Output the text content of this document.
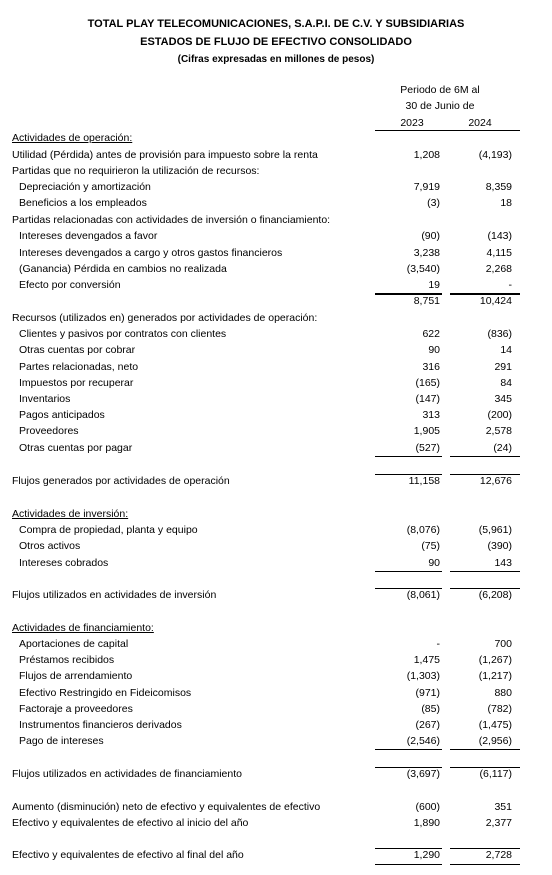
TOTAL PLAY TELECOMUNICACIONES, S.A.P.I. DE C.V. Y SUBSIDIARIAS
ESTADOS DE FLUJO DE EFECTIVO CONSOLIDADO
(Cifras expresadas en millones de pesos)
Periodo de 6M al
30 de Junio de
2023	2024
Actividades de operación:
Utilidad (Pérdida) antes de provisión para impuesto sobre la renta	1,208	(4,193)
Partidas que no requirieron la utilización de recursos:
Depreciación y amortización	7,919	8,359
Beneficios a los empleados	(3)	18
Partidas relacionadas con actividades de inversión o financiamiento:
Intereses devengados a favor	(90)	(143)
Intereses devengados a cargo y otros gastos financieros	3,238	4,115
(Ganancia) Pérdida en cambios no realizada	(3,540)	2,268
Efecto por conversión	19	-
8,751	10,424
Recursos (utilizados en) generados por actividades de operación:
Clientes y pasivos por contratos con clientes	622	(836)
Otras cuentas por cobrar	90	14
Partes relacionadas, neto	316	291
Impuestos por recuperar	(165)	84
Inventarios	(147)	345
Pagos anticipados	313	(200)
Proveedores	1,905	2,578
Otras cuentas por pagar	(527)	(24)
Flujos generados por actividades de operación	11,158	12,676
Actividades de inversión:
Compra de propiedad, planta y equipo	(8,076)	(5,961)
Otros activos	(75)	(390)
Intereses cobrados	90	143
Flujos utilizados en actividades de inversión	(8,061)	(6,208)
Actividades de financiamiento:
Aportaciones de capital	-	700
Préstamos recibidos	1,475	(1,267)
Flujos de arrendamiento	(1,303)	(1,217)
Efectivo Restringido en Fideicomisos	(971)	880
Factoraje a proveedores	(85)	(782)
Instrumentos financieros derivados	(267)	(1,475)
Pago de intereses	(2,546)	(2,956)
Flujos utilizados en actividades de financiamiento	(3,697)	(6,117)
Aumento (disminución) neto de efectivo y equivalentes de efectivo	(600)	351
Efectivo y equivalentes de efectivo al inicio del año	1,890	2,377
Efectivo y equivalentes de efectivo al final del año	1,290	2,728
